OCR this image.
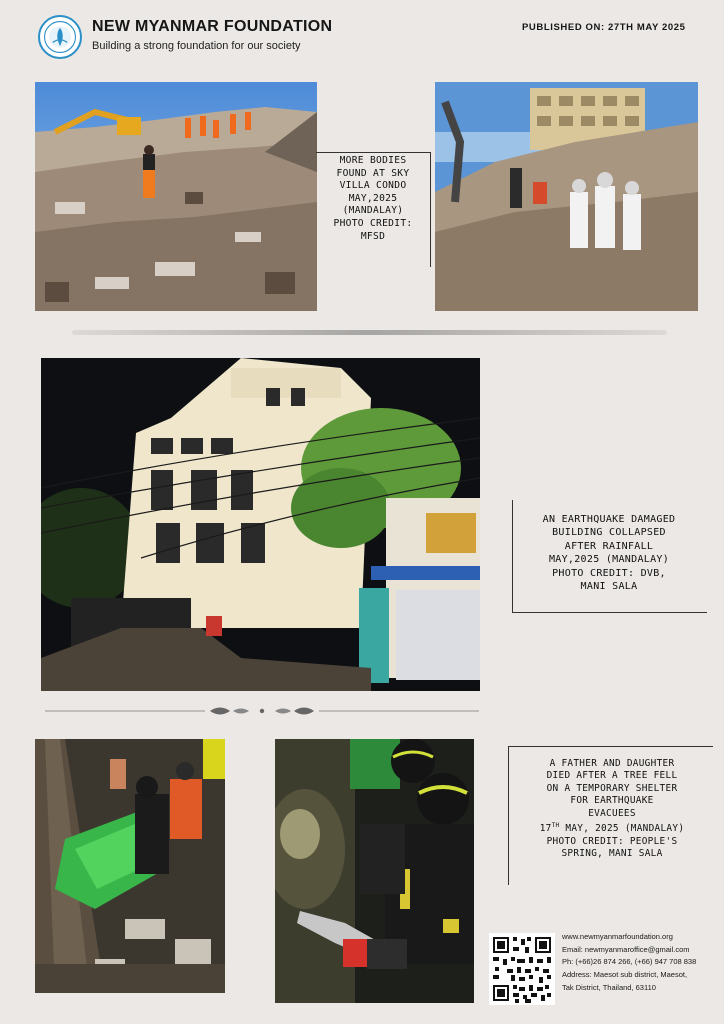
NEW MYANMAR FOUNDATION
Building a strong foundation for our society
PUBLISHED ON: 27TH MAY 2025
MORE BODIES
FOUND AT SKY
VILLA CONDO
MAY,2025
(MANDALAY)
PHOTO CREDIT:
MFSD
AN EARTHQUAKE DAMAGED
BUILDING COLLAPSED
AFTER RAINFALL
MAY,2025 (MANDALAY)
PHOTO CREDIT: DVB,
MANI SALA
A FATHER AND DAUGHTER
DIED AFTER A TREE FELL
ON A TEMPORARY SHELTER
FOR EARTHQUAKE
EVACUEES
17TH MAY, 2025 (MANDALAY)
PHOTO CREDIT: PEOPLE'S
SPRING, MANI SALA
www.newmyanmarfoundation.org
Email: newmyanmaroffice@gmail.com
Ph: (+66)26 874 266, (+66) 947 708 838
Address: Maesot sub district, Maesot,
Tak District, Thailand, 63110
